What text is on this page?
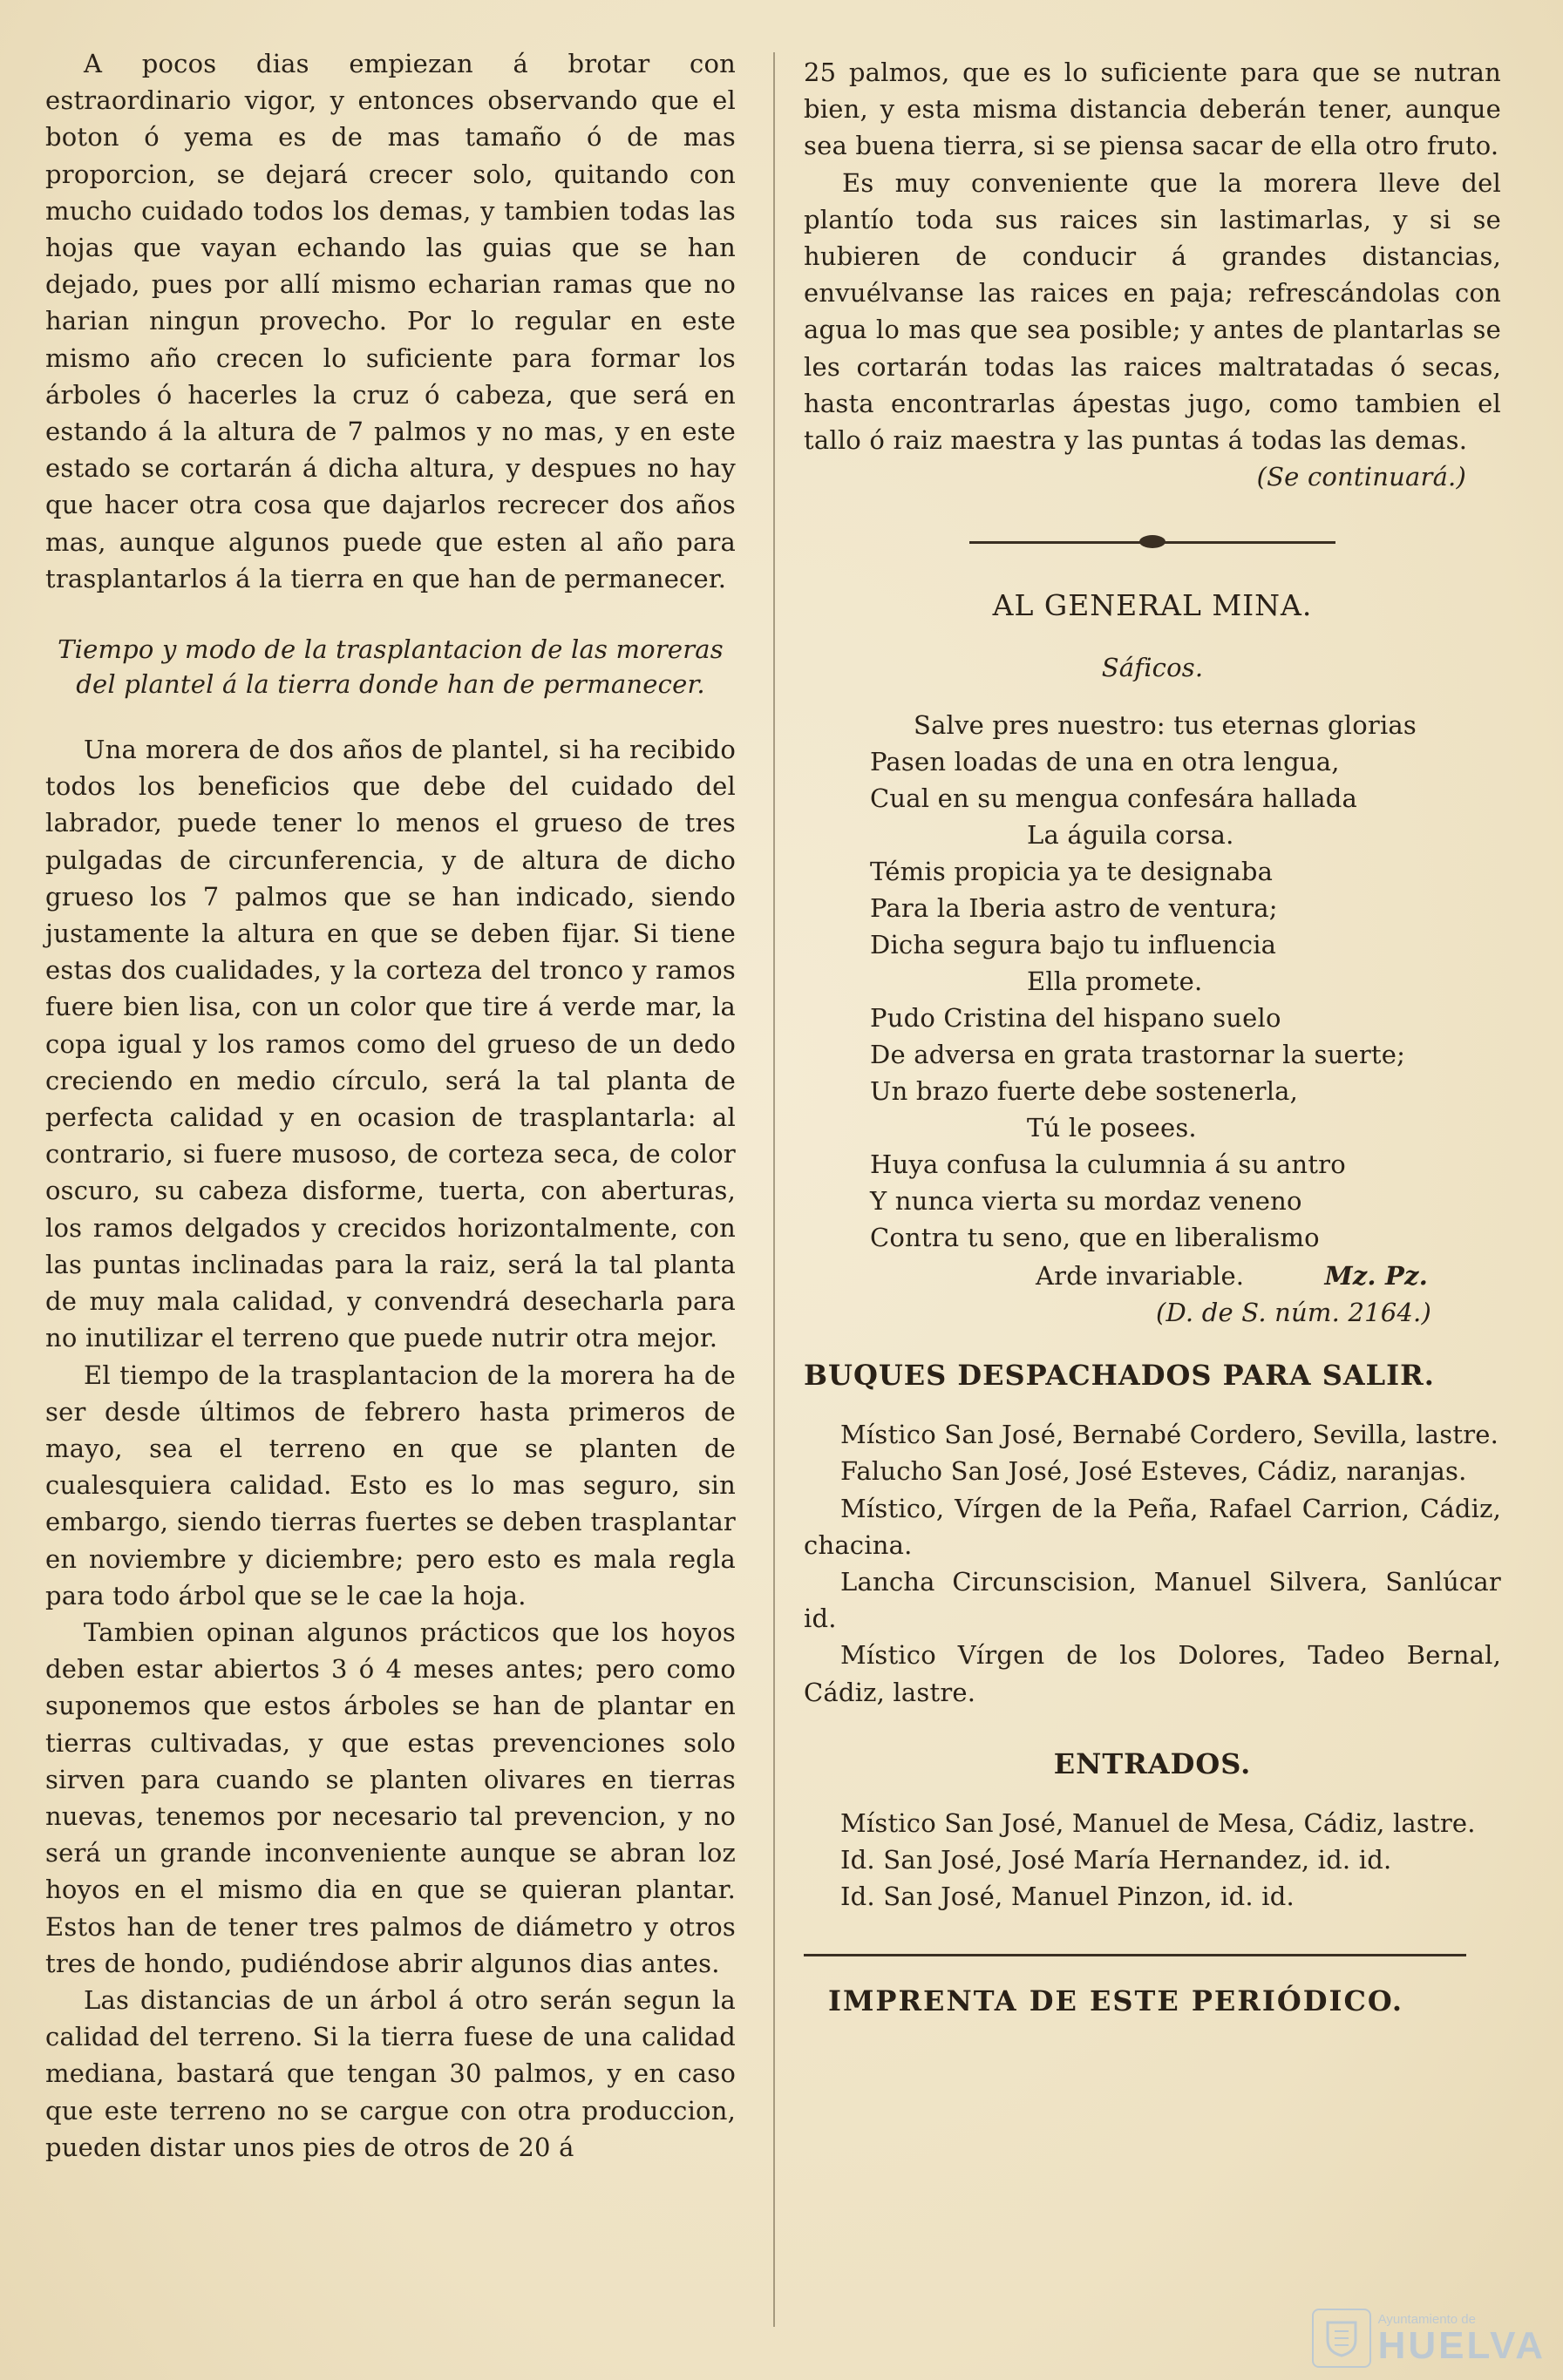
A pocos dias empiezan á brotar con estraordinario vigor, y entonces observando que el boton ó yema es de mas tamaño ó de mas proporcion, se dejará crecer solo, quitando con mucho cuidado todos los demas, y tambien todas las hojas que vayan echando las guias que se han dejado, pues por allí mismo echarian ramas que no harian ningun provecho. Por lo regular en este mismo año crecen lo suficiente para formar los árboles ó hacerles la cruz ó cabeza, que será en estando á la altura de 7 palmos y no mas, y en este estado se cortarán á dicha altura, y despues no hay que hacer otra cosa que dajarlos recrecer dos años mas, aunque algunos puede que esten al año para trasplantarlos á la tierra en que han de permanecer.

Tiempo y modo de la trasplantacion de las moreras del plantel á la tierra donde han de permanecer.

Una morera de dos años de plantel, si ha recibido todos los beneficios que debe del cuidado del labrador, puede tener lo menos el grueso de tres pulgadas de circunferencia, y de altura de dicho grueso los 7 palmos que se han indicado, siendo justamente la altura en que se deben fijar. Si tiene estas dos cualidades, y la corteza del tronco y ramos fuere bien lisa, con un color que tire á verde mar, la copa igual y los ramos como del grueso de un dedo creciendo en medio círculo, será la tal planta de perfecta calidad y en ocasion de trasplantarla: al contrario, si fuere musoso, de corteza seca, de color oscuro, su cabeza disforme, tuerta, con aberturas, los ramos delgados y crecidos horizontalmente, con las puntas inclinadas para la raiz, será la tal planta de muy mala calidad, y convendrá desecharla para no inutilizar el terreno que puede nutrir otra mejor.

El tiempo de la trasplantacion de la morera ha de ser desde últimos de febrero hasta primeros de mayo, sea el terreno en que se planten de cualesquiera calidad. Esto es lo mas seguro, sin embargo, siendo tierras fuertes se deben trasplantar en noviembre y diciembre; pero esto es mala regla para todo árbol que se le cae la hoja.

Tambien opinan algunos prácticos que los hoyos deben estar abiertos 3 ó 4 meses antes; pero como suponemos que estos árboles se han de plantar en tierras cultivadas, y que estas prevenciones solo sirven para cuando se planten olivares en tierras nuevas, tenemos por necesario tal prevencion, y no será un grande inconveniente aunque se abran loz hoyos en el mismo dia en que se quieran plantar. Estos han de tener tres palmos de diámetro y otros tres de hondo, pudiéndose abrir algunos dias antes.

Las distancias de un árbol á otro serán segun la calidad del terreno. Si la tierra fuese de una calidad mediana, bastará que tengan 30 palmos, y en caso que este terreno no se cargue con otra produccion, pueden distar unos pies de otros de 20 á

25 palmos, que es lo suficiente para que se nutran bien, y esta misma distancia deberán tener, aunque sea buena tierra, si se piensa sacar de ella otro fruto.

Es muy conveniente que la morera lleve del plantío toda sus raices sin lastimarlas, y si se hubieren de conducir á grandes distancias, envuélvanse las raices en paja; refrescándolas con agua lo mas que sea posible; y antes de plantarlas se les cortarán todas las raices maltratadas ó secas, hasta encontrarlas ápestas jugo, como tambien el tallo ó raiz maestra y las puntas á todas las demas.

(Se continuará.)
AL GENERAL MINA.
Sáficos.
Salve pres nuestro: tus eternas glorias
Pasen loadas de una en otra lengua,
Cual en su mengua confesára hallada
La águila corsa.
Témis propicia ya te designaba
Para la Iberia astro de ventura;
Dicha segura bajo tu influencia
Ella promete.
Pudo Cristina del hispano suelo
De adversa en grata trastornar la suerte;
Un brazo fuerte debe sostenerla,
Tú le posees.
Huya confusa la culumnia á su antro
Y nunca vierta su mordaz veneno
Contra tu seno, que en liberalismo
Arde invariable.	Mz. Pz.
(D. de S. núm. 2164.)
BUQUES DESPACHADOS PARA SALIR.

Místico San José, Bernabé Cordero, Sevilla, lastre.

Falucho San José, José Esteves, Cádiz, naranjas.

Místico, Vírgen de la Peña, Rafael Carrion, Cádiz, chacina.

Lancha Circunscision, Manuel Silvera, Sanlúcar id.

Místico Vírgen de los Dolores, Tadeo Bernal, Cádiz, lastre.

ENTRADOS.

Místico San José, Manuel de Mesa, Cádiz, lastre.

Id. San José, José María Hernandez, id. id.

Id. San José, Manuel Pinzon, id. id.

IMPRENTA DE ESTE PERIÓDICO.
Ayuntamiento de
HUELVA
